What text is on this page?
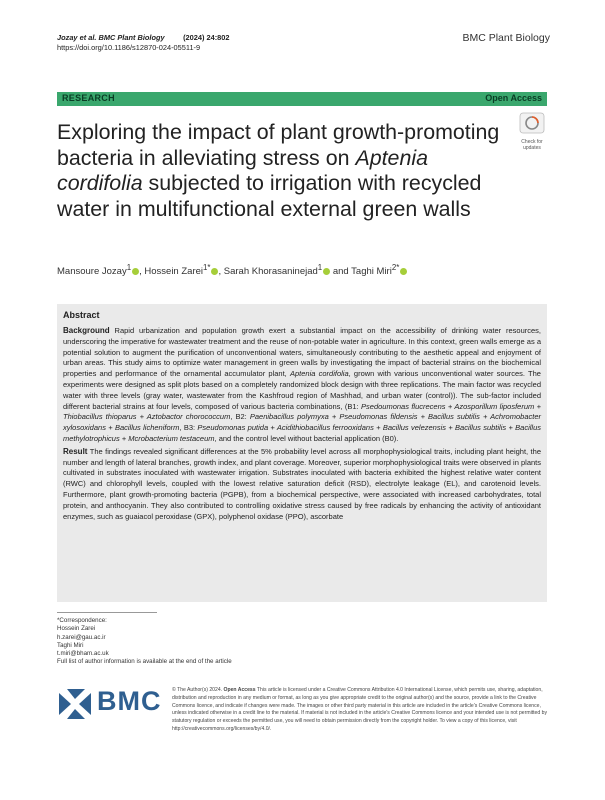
Jozay et al. BMC Plant Biology (2024) 24:802
https://doi.org/10.1186/s12870-024-05511-9
BMC Plant Biology
RESEARCH	Open Access
Check for updates
Exploring the impact of plant growth-promoting bacteria in alleviating stress on Aptenia cordifolia subjected to irrigation with recycled water in multifunctional external green walls
Mansoure Jozay$^1$ , Hossein Zarei$^{1*}$ , Sarah Khorasaninejad$^1$ and Taghi Miri$^{2*}$
Abstract

Background Rapid urbanization and population growth exert a substantial impact on the accessibility of drinking water resources, underscoring the imperative for wastewater treatment and the reuse of non-potable water in agriculture. In this context, green walls emerge as a potential solution to augment the purification of unconventional waters, simultaneously contributing to the aesthetic appeal and enjoyment of urban areas. This study aims to optimize water management in green walls by investigating the impact of bacterial strains on the biochemical properties and performance of the ornamental accumulator plant, Aptenia cordifolia, grown with various unconventional water sources. The experiments were designed as split plots based on a completely randomized block design with three replications. The main factor was recycled water with three levels (gray water, wastewater from the Kashfroud region of Mashhad, and urban water (control)). The sub-factor included different bacterial strains at four levels, composed of various bacteria combinations, (B1: Psedoumonas flucrecens + Azosporillum liposferum + Thiobacillus thioparus + Aztobactor chorococcum, B2: Paenibacillus polymyxa + Pseudomonas fildensis + Bacillus subtilis + Achromobacter xylosoxidans + Bacillus licheniform, B3: Pseudomonas putida + Acidithiobacillus ferrooxidans + Bacillus velezensis + Bacillus subtilis + Bacillus methylotrophicus + Mcrobacterium testaceum, and the control level without bacterial application (B0).

Result The findings revealed significant differences at the 5% probability level across all morphophysiological traits, including plant height, the number and length of lateral branches, growth index, and plant coverage. Moreover, superior morphophysiological traits were observed in plants cultivated in substrates inoculated with wastewater irrigation. Substrates inoculated with bacteria exhibited the highest relative water content (RWC) and chlorophyll levels, coupled with the lowest relative saturation deficit (RSD), electrolyte leakage (EL), and carotenoid levels. Furthermore, plant growth-promoting bacteria (PGPB), from a biochemical perspective, were associated with increased carbohydrates, total protein, and anthocyanin. They also contributed to controlling oxidative stress caused by free radicals by enhancing the activity of antioxidant enzymes, such as guaiacol peroxidase (GPX), polyphenol oxidase (PPO), ascorbate

*Correspondence:
Hossein Zarei
h.zarei@gau.ac.ir
Taghi Miri
t.miri@bham.ac.uk
Full list of author information is available at the end of the article
BMC © The Author(s) 2024. Open Access This article is licensed under a Creative Commons Attribution 4.0 International License, which permits use, sharing, adaptation, distribution and reproduction in any medium or format, as long as you give appropriate credit to the original author(s) and the source, provide a link to the Creative Commons licence, and indicate if changes were made. The images or other third party material in this article are included in the article's Creative Commons licence, unless indicated otherwise in a credit line to the material. If material is not included in the article's Creative Commons licence and your intended use is not permitted by statutory regulation or exceeds the permitted use, you will need to obtain permission directly from the copyright holder. To view a copy of this licence, visit http://creativecommons.org/licenses/by/4.0/.
